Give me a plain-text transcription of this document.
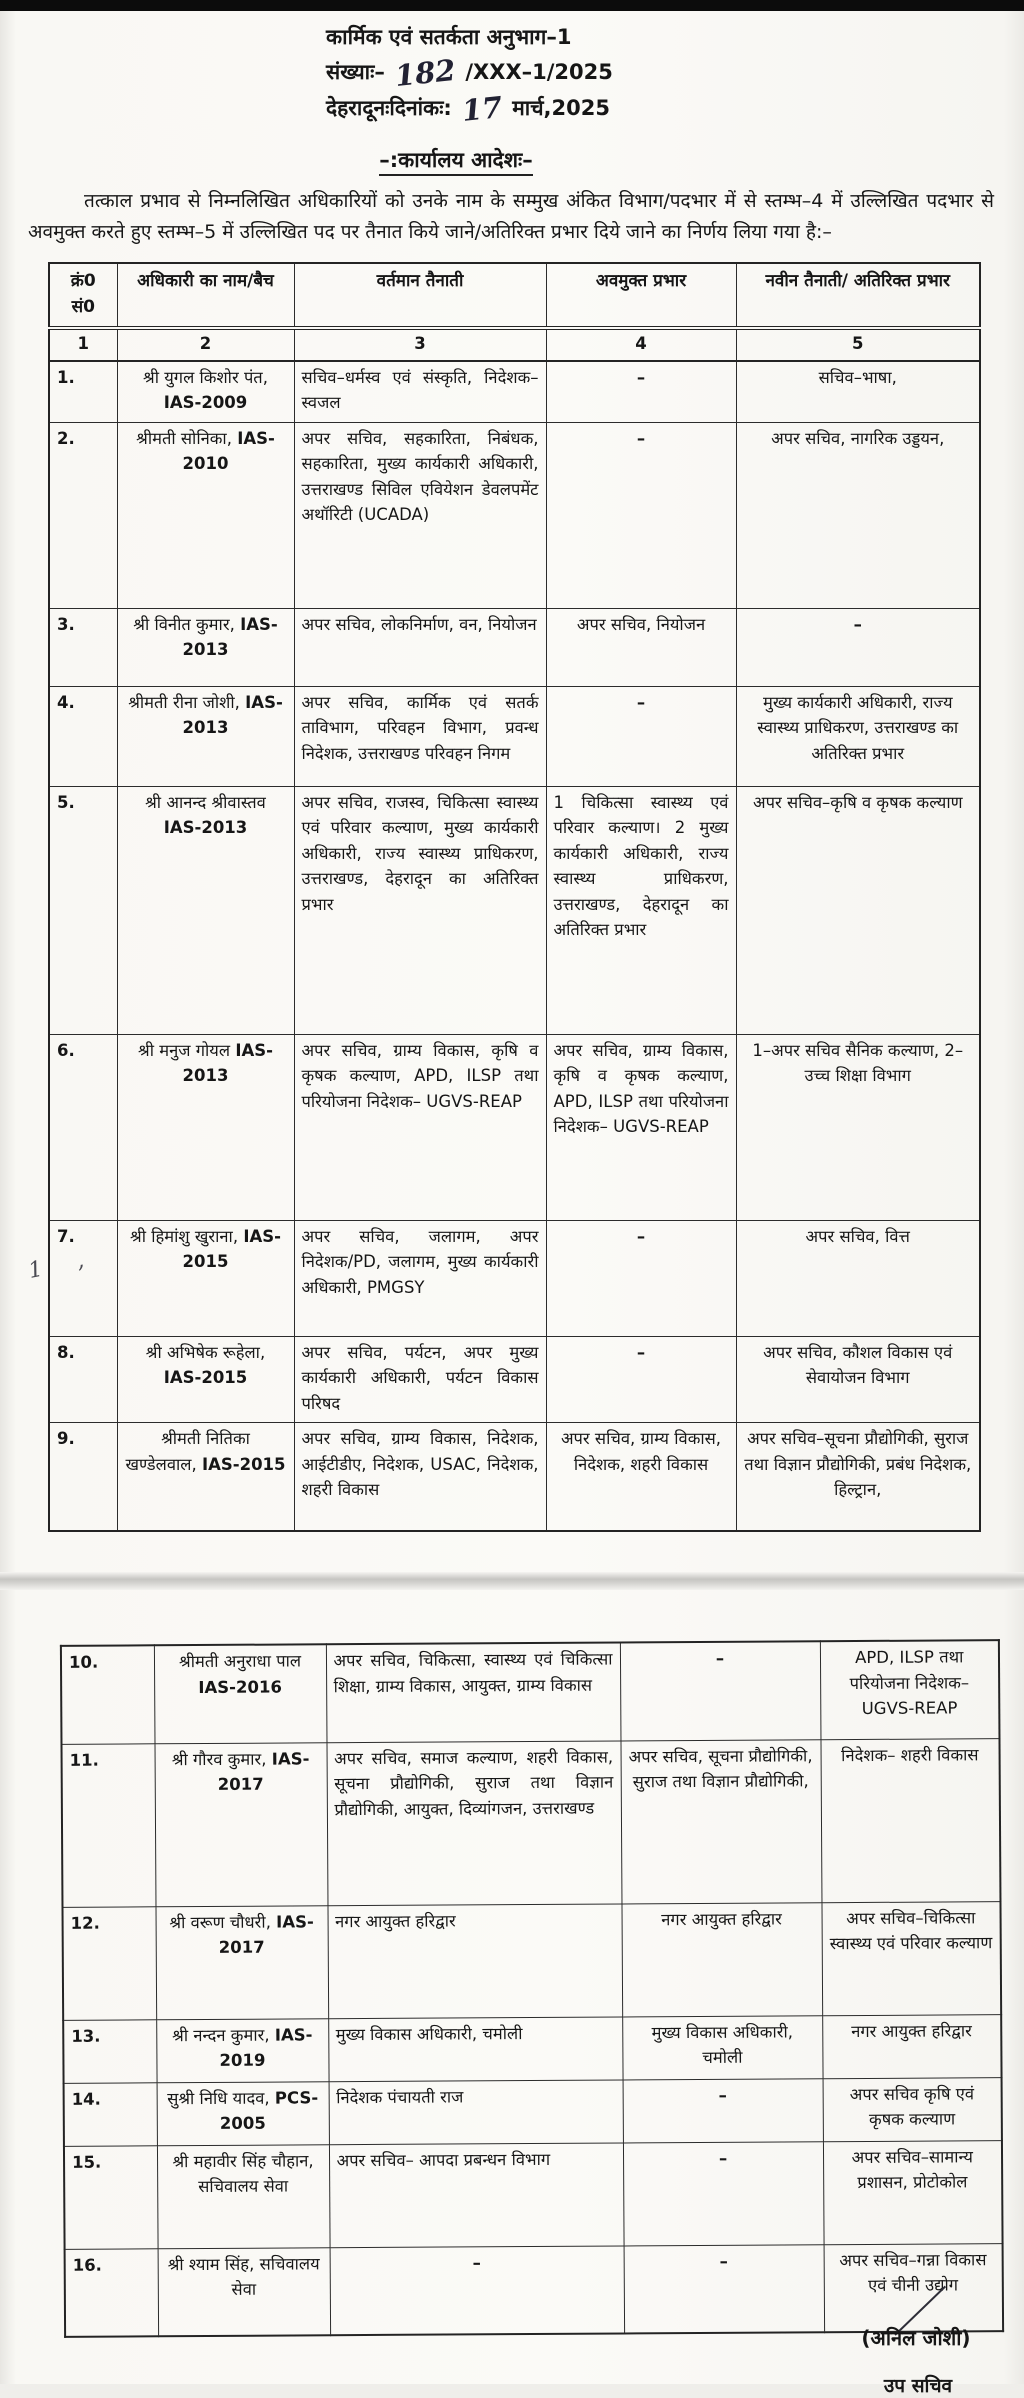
कार्मिक एवं सतर्कता अनुभाग–1
संख्याः– 182 /XXX–1/2025
देहरादूनःदिनांकः: 17 मार्च,2025
–:कार्यालय आदेशः–

तत्काल प्रभाव से निम्नलिखित अधिकारियों को उनके नाम के सम्मुख अंकित विभाग/पदभार में से स्तम्भ–4 में उल्लिखित पदभार से अवमुक्त करते हुए स्तम्भ–5 में उल्लिखित पद पर तैनात किये जाने/अतिरिक्त प्रभार दिये जाने का निर्णय लिया गया है:–

क्रं0 सं0	अधिकारी का नाम/बैच	वर्तमान तैनाती	अवमुक्त प्रभार	नवीन तैनाती/ अतिरिक्त प्रभार
1	2	3	4	5
1.	श्री युगल किशोर पंत, IAS-2009	सचिव–धर्मस्व एवं संस्कृति, निदेशक–स्वजल	–	सचिव–भाषा,
2.	श्रीमती सोनिका, IAS-2010	अपर सचिव, सहकारिता, निबंधक, सहकारिता, मुख्य कार्यकारी अधिकारी, उत्तराखण्ड सिविल एवियेशन डेवलपमेंट अथॉरिटी (UCADA)	–	अपर सचिव, नागरिक उड्डयन,
3.	श्री विनीत कुमार, IAS-2013	अपर सचिव, लोकनिर्माण, वन, नियोजन	अपर सचिव, नियोजन	–

4.	श्रीमती रीना जोशी, IAS-2013	अपर सचिव, कार्मिक एवं सतर्क ताविभाग, परिवहन विभाग, प्रवन्ध निदेशक, उत्तराखण्ड परिवहन निगम	–	मुख्य कार्यकारी अधिकारी, राज्य स्वास्थ्य प्राधिकरण, उत्तराखण्ड का अतिरिक्त प्रभार
5.	श्री आनन्द श्रीवास्तव IAS-2013	अपर सचिव, राजस्व, चिकित्सा स्वास्थ्य एवं परिवार कल्याण, मुख्य कार्यकारी अधिकारी, राज्य स्वास्थ्य प्राधिकरण, उत्तराखण्ड, देहरादून का अतिरिक्त प्रभार	1 चिकित्सा स्वास्थ्य एवं परिवार कल्याण। 2 मुख्य कार्यकारी अधिकारी, राज्य स्वास्थ्य प्राधिकरण, उत्तराखण्ड, देहरादून का अतिरिक्त प्रभार	अपर सचिव–कृषि व कृषक कल्याण
6.	श्री मनुज गोयल IAS-2013	अपर सचिव, ग्राम्य विकास, कृषि व कृषक कल्याण, APD, ILSP तथा परियोजना निदेशक– UGVS-REAP	अपर सचिव, ग्राम्य विकास, कृषि व कृषक कल्याण, APD, ILSP तथा परियोजना निदेशक– UGVS-REAP	1–अपर सचिव सैनिक कल्याण, 2–उच्च शिक्षा विभाग
7.	श्री हिमांशु खुराना, IAS-2015	अपर सचिव, जलागम, अपर निदेशक/PD, जलागम, मुख्य कार्यकारी अधिकारी, PMGSY	–	अपर सचिव, वित्त
8.	श्री अभिषेक रूहेला, IAS-2015	अपर सचिव, पर्यटन, अपर मुख्य कार्यकारी अधिकारी, पर्यटन विकास परिषद	–	अपर सचिव, कौशल विकास एवं सेवायोजन विभाग
9.	श्रीमती नितिका खण्डेलवाल, IAS-2015	अपर सचिव, ग्राम्य विकास, निदेशक, आईटीडीए, निदेशक, USAC, निदेशक, शहरी विकास	अपर सचिव, ग्राम्य विकास, निदेशक, शहरी विकास	अपर सचिव–सूचना प्रौद्योगिकी, सुराज तथा विज्ञान प्रौद्योगिकी, प्रबंध निदेशक, हिल्ट्रान,
1 ,
10.	श्रीमती अनुराधा पाल IAS-2016	अपर सचिव, चिकित्सा, स्वास्थ्य एवं चिकित्सा शिक्षा, ग्राम्य विकास, आयुक्त, ग्राम्य विकास	–	APD, ILSP तथा परियोजना निदेशक– UGVS-REAP
11.	श्री गौरव कुमार, IAS-2017	अपर सचिव, समाज कल्याण, शहरी विकास, सूचना प्रौद्योगिकी, सुराज तथा विज्ञान प्रौद्योगिकी, आयुक्त, दिव्यांगजन, उत्तराखण्ड	अपर सचिव, सूचना प्रौद्योगिकी, सुराज तथा विज्ञान प्रौद्योगिकी,	निदेशक– शहरी विकास
12.	श्री वरूण चौधरी, IAS-2017	नगर आयुक्त हरिद्वार	नगर आयुक्त हरिद्वार	अपर सचिव–चिकित्सा स्वास्थ्य एवं परिवार कल्याण
13.	श्री नन्दन कुमार, IAS-2019	मुख्य विकास अधिकारी, चमोली	मुख्य विकास अधिकारी, चमोली	नगर आयुक्त हरिद्वार
14.	सुश्री निधि यादव, PCS-2005	निदेशक पंचायती राज	–	अपर सचिव कृषि एवं कृषक कल्याण
15.	श्री महावीर सिंह चौहान, सचिवालय सेवा	अपर सचिव– आपदा प्रबन्धन विभाग	–	अपर सचिव–सामान्य प्रशासन, प्रोटोकोल
16.	श्री श्याम सिंह, सचिवालय सेवा	–	–	अपर सचिव–गन्ना विकास एवं चीनी उद्योग
(अनिल जोशी)
उप सचिव
